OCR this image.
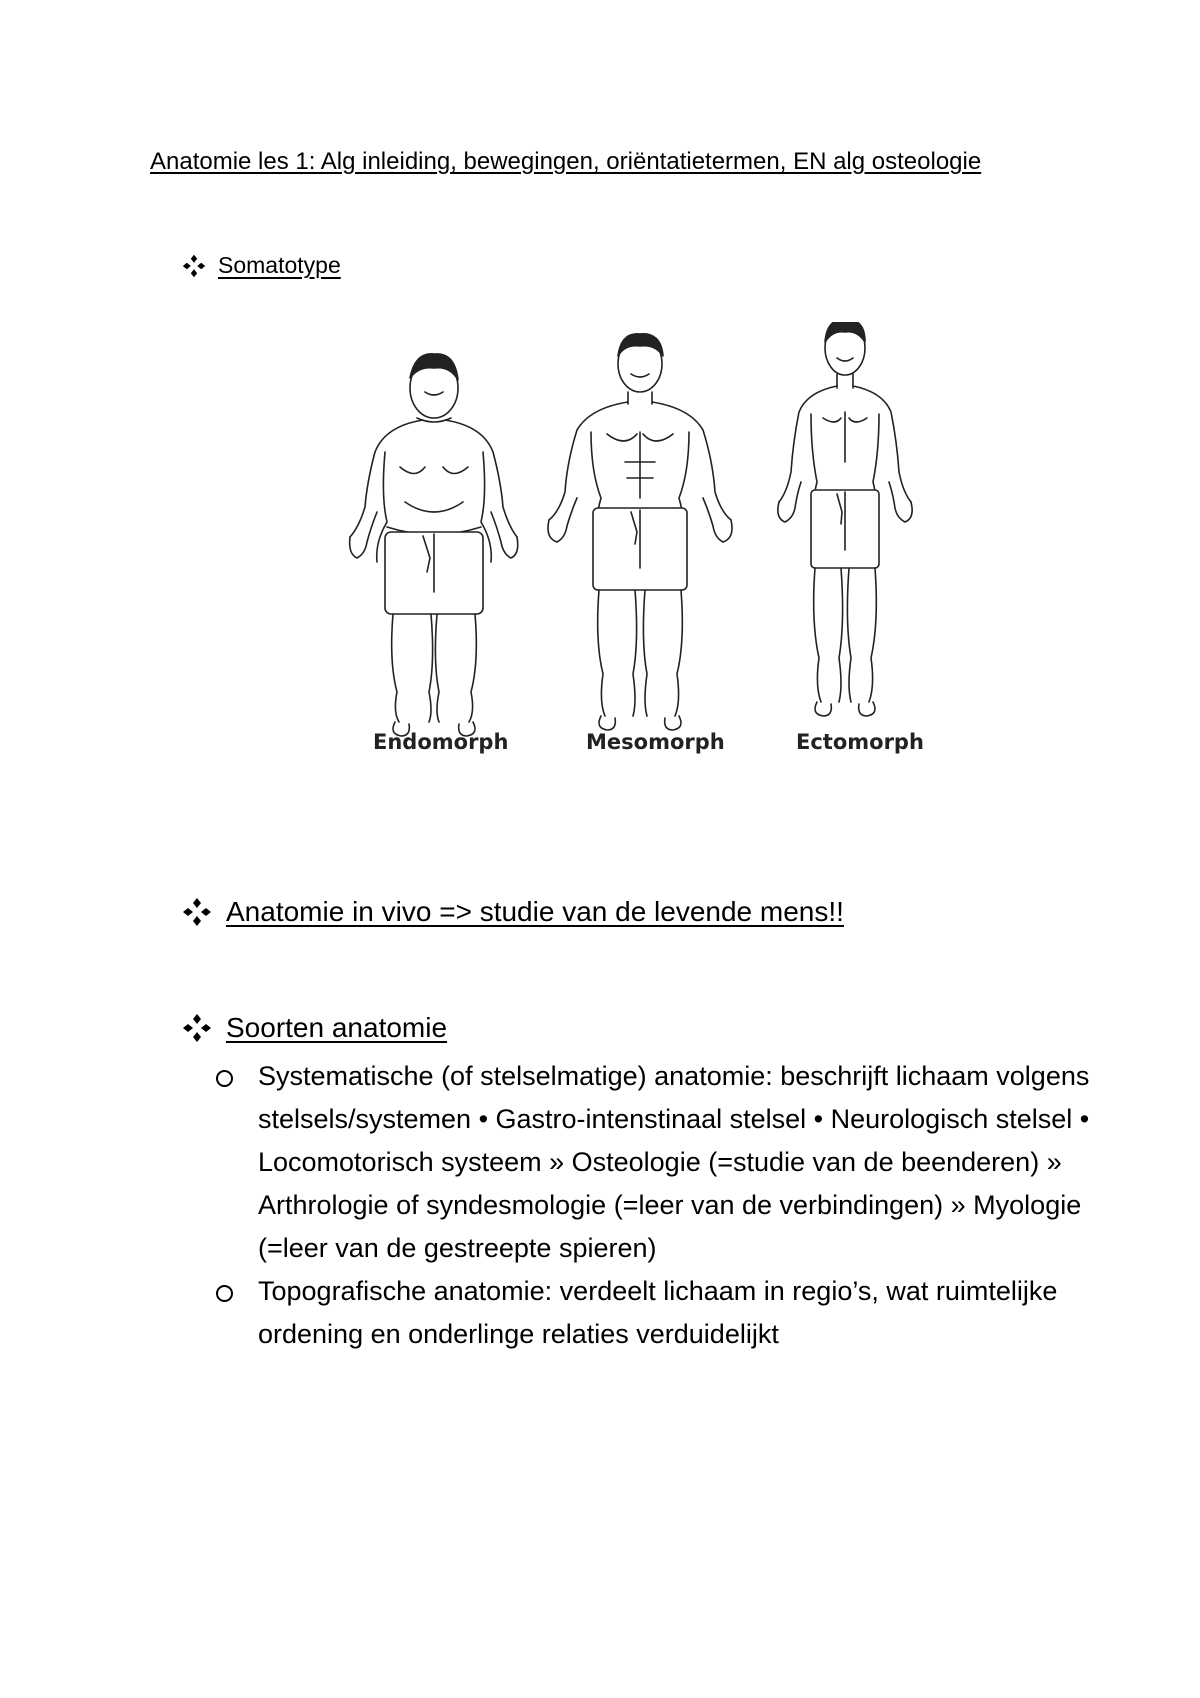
Anatomie les 1: Alg inleiding, bewegingen, oriëntatietermen, EN alg osteologie
Somatotype
Endomorph	Mesomorph	Ectomorph
Anatomie in vivo => studie van de levende mens!!
Soorten anatomie
Systematische (of stelselmatige) anatomie: beschrijft lichaam volgens stelsels/systemen • Gastro-intenstinaal stelsel • Neurologisch stelsel • Locomotorisch systeem » Osteologie (=studie van de beenderen) » Arthrologie of syndesmologie (=leer van de verbindingen) » Myologie (=leer van de gestreepte spieren)
Topografische anatomie: verdeelt lichaam in regio’s, wat ruimtelijke ordening en onderlinge relaties verduidelijkt
